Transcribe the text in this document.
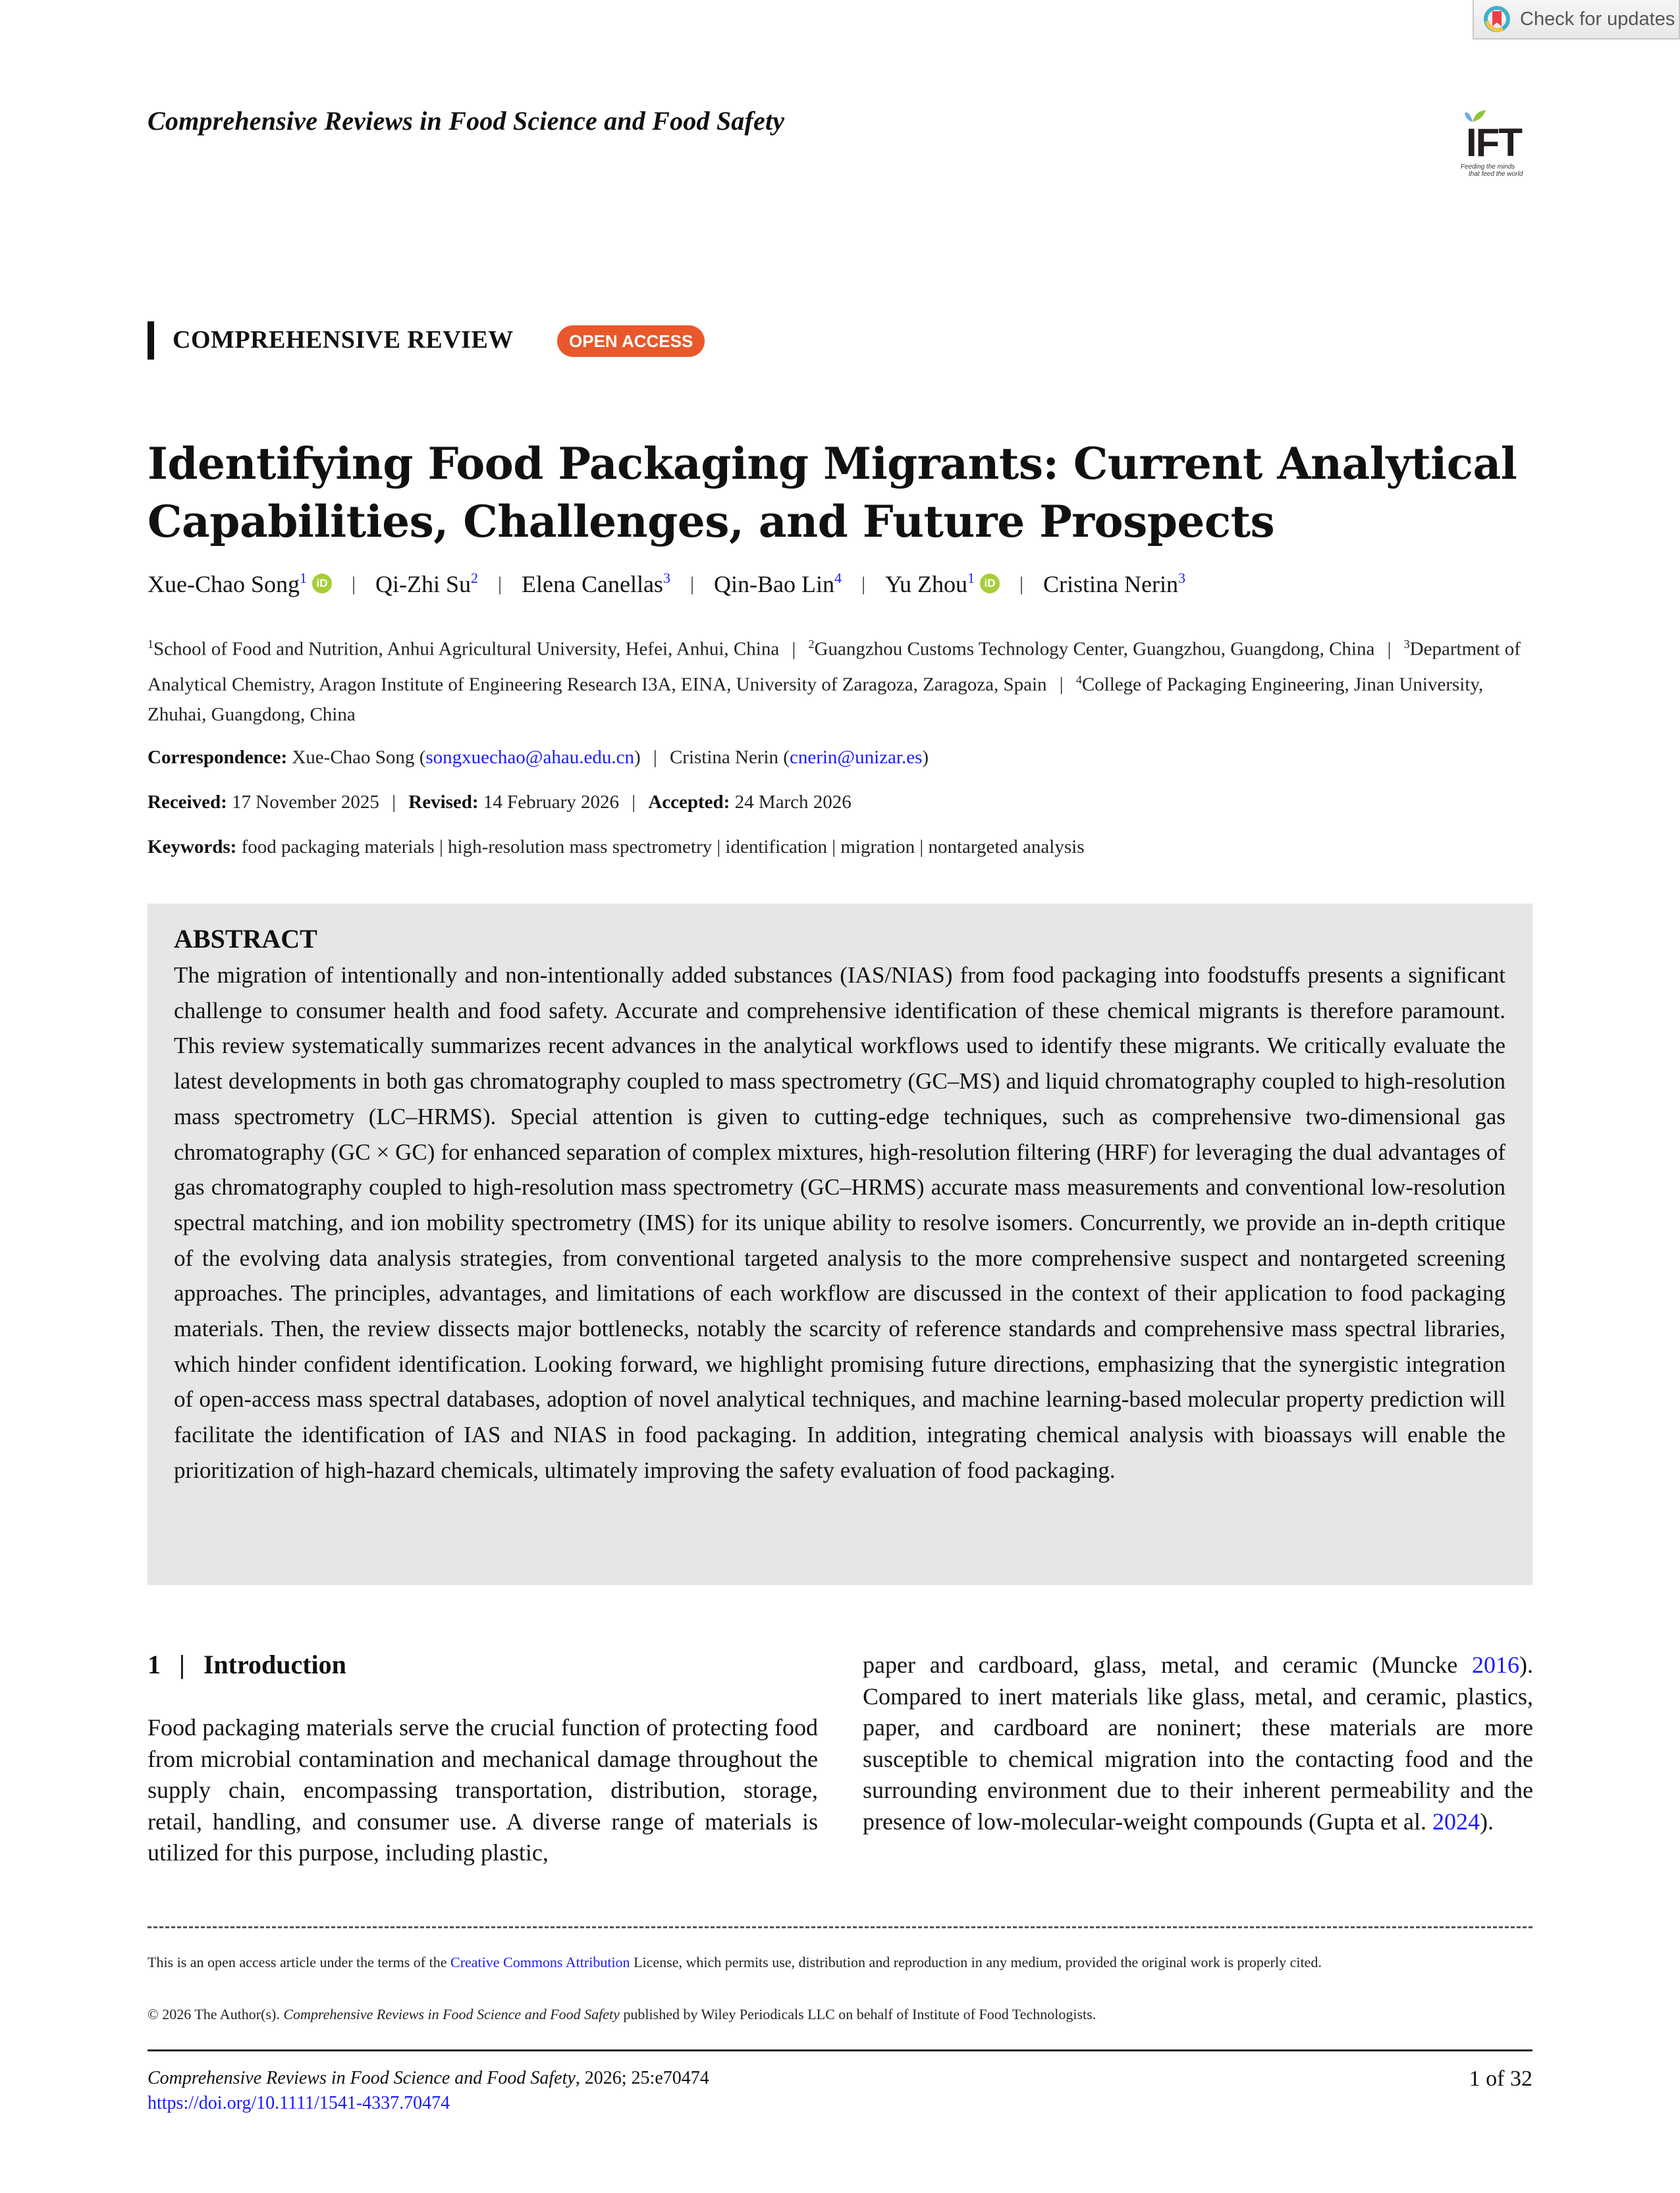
Check for updates
Comprehensive Reviews in Food Science and Food Safety	IFT
Feeding the minds
that feed the world
COMPREHENSIVE REVIEW	OPEN ACCESS
Identifying Food Packaging Migrants: Current Analytical
Capabilities, Challenges, and Future Prospects
Xue-Chao Song$^1$ iD | Qi-Zhi Su$^2$ | Elena Canellas$^3$ | Qin-Bao Lin$^4$ | Yu Zhou$^1$ iD | Cristina Nerin$^3$
$^1$School of Food and Nutrition, Anhui Agricultural University, Hefei, Anhui, China | $^2$Guangzhou Customs Technology Center, Guangzhou, Guangdong, China | $^3$Department of Analytical Chemistry, Aragon Institute of Engineering Research I3A, EINA, University of Zaragoza, Zaragoza, Spain | $^4$College of Packaging Engineering, Jinan University, Zhuhai, Guangdong, China
Correspondence: Xue-Chao Song (songxuechao@ahau.edu.cn) | Cristina Nerin (cnerin@unizar.es)
Received: 17 November 2025 | Revised: 14 February 2026 | Accepted: 24 March 2026
Keywords: food packaging materials | high-resolution mass spectrometry | identification | migration | nontargeted analysis
ABSTRACT
The migration of intentionally and non-intentionally added substances (IAS/NIAS) from food packaging into foodstuffs presents a significant challenge to consumer health and food safety. Accurate and comprehensive identification of these chemical migrants is therefore paramount. This review systematically summarizes recent advances in the analytical workflows used to identify these migrants. We critically evaluate the latest developments in both gas chromatography coupled to mass spectrometry (GC–MS) and liquid chromatography coupled to high-resolution mass spectrometry (LC–HRMS). Special attention is given to cutting-edge techniques, such as comprehensive two-dimensional gas chromatography (GC × GC) for enhanced separation of complex mixtures, high-resolution filtering (HRF) for leveraging the dual advantages of gas chromatography coupled to high-resolution mass spectrometry (GC–HRMS) accurate mass measurements and conventional low-resolution spectral matching, and ion mobility spectrometry (IMS) for its unique ability to resolve isomers. Concurrently, we provide an in-depth critique of the evolving data analysis strategies, from conventional targeted analysis to the more comprehensive suspect and nontargeted screening approaches. The principles, advantages, and limitations of each workflow are discussed in the context of their application to food packaging materials. Then, the review dissects major bottlenecks, notably the scarcity of reference standards and comprehensive mass spectral libraries, which hinder confident identification. Looking forward, we highlight promising future directions, emphasizing that the synergistic integration of open-access mass spectral databases, adoption of novel analytical techniques, and machine learning-based molecular property prediction will facilitate the identification of IAS and NIAS in food packaging. In addition, integrating chemical analysis with bioassays will enable the prioritization of high-hazard chemicals, ultimately improving the safety evaluation of food packaging.
1 | Introduction
Food packaging materials serve the crucial function of protecting food from microbial contamination and mechanical damage throughout the supply chain, encompassing transportation, distribution, storage, retail, handling, and consumer use. A diverse range of materials is utilized for this purpose, including plastic,
paper and cardboard, glass, metal, and ceramic (Muncke 2016). Compared to inert materials like glass, metal, and ceramic, plastics, paper, and cardboard are noninert; these materials are more susceptible to chemical migration into the contacting food and the surrounding environment due to their inherent permeability and the presence of low-molecular-weight compounds (Gupta et al. 2024).
This is an open access article under the terms of the Creative Commons Attribution License, which permits use, distribution and reproduction in any medium, provided the original work is properly cited.
© 2026 The Author(s). Comprehensive Reviews in Food Science and Food Safety published by Wiley Periodicals LLC on behalf of Institute of Food Technologists.
Comprehensive Reviews in Food Science and Food Safety, 2026; 25:e70474
https://doi.org/10.1111/1541-4337.70474
1 of 32
